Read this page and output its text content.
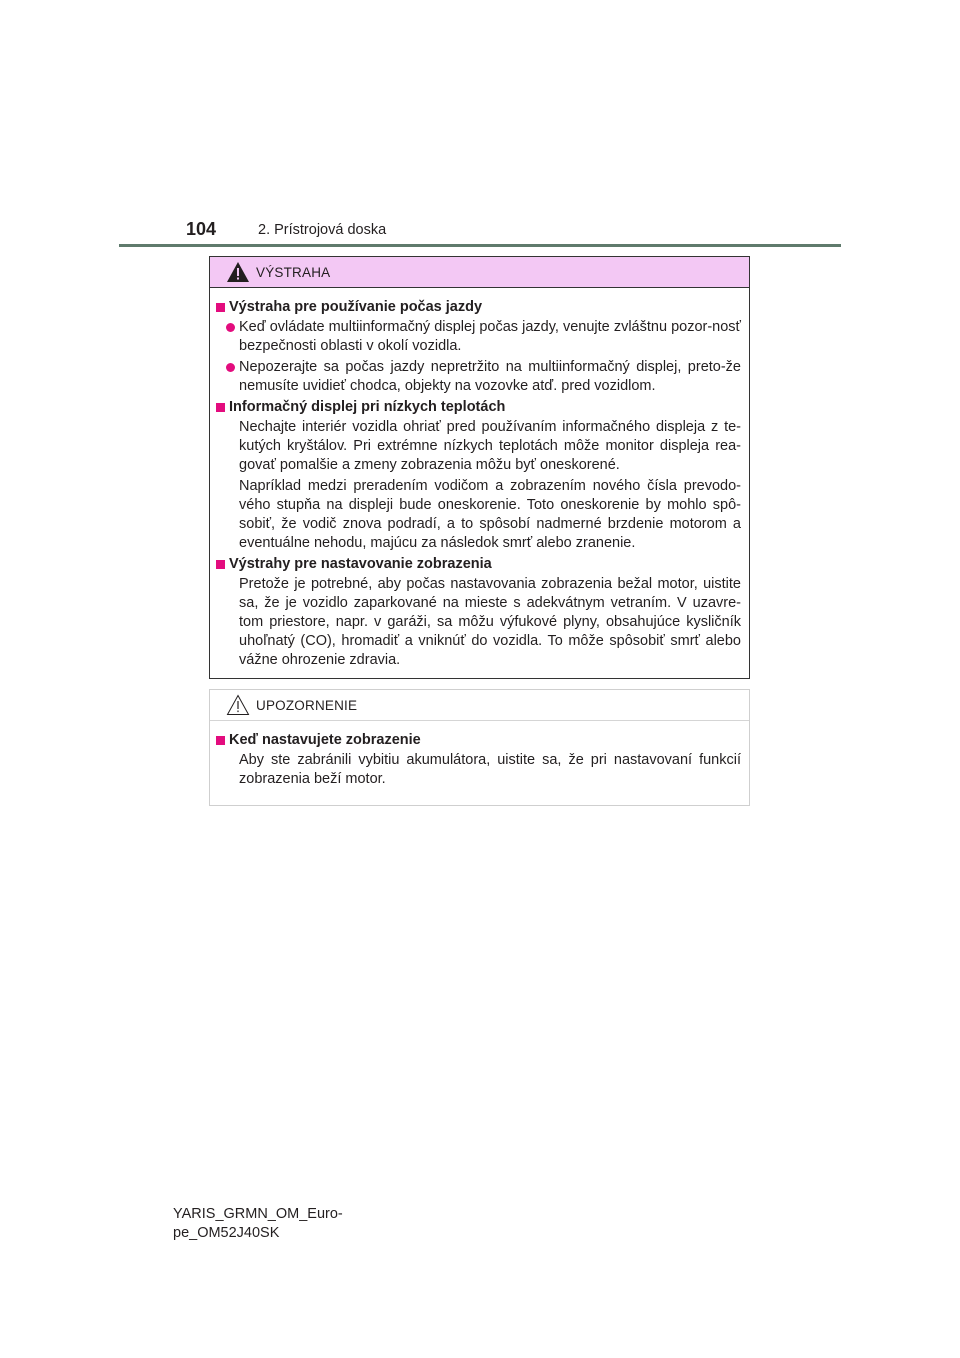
104	2. Prístrojová doska
VÝSTRAHA
Výstraha pre používanie počas jazdy
Keď ovládate multiinformačný displej počas jazdy, venujte zvláštnu pozor-nosť bezpečnosti oblasti v okolí vozidla.
Nepozerajte sa počas jazdy nepretržito na multiinformačný displej, preto-že nemusíte uvidieť chodca, objekty na vozovke atď. pred vozidlom.
Informačný displej pri nízkych teplotách
Nechajte interiér vozidla ohriať pred používaním informačného displeja z te-kutých kryštálov. Pri extrémne nízkych teplotách môže monitor displeja rea-govať pomalšie a zmeny zobrazenia môžu byť oneskorené.
Napríklad medzi preradením vodičom a zobrazením nového čísla prevodo-vého stupňa na displeji bude oneskorenie. Toto oneskorenie by mohlo spô-sobiť, že vodič znova podradí, a to spôsobí nadmerné brzdenie motorom a eventuálne nehodu, majúcu za následok smrť alebo zranenie.
Výstrahy pre nastavovanie zobrazenia
Pretože je potrebné, aby počas nastavovania zobrazenia bežal motor, uistite sa, že je vozidlo zaparkované na mieste s adekvátnym vetraním. V uzavre-tom priestore, napr. v garáži, sa môžu výfukové plyny, obsahujúce kysličník uhoľnatý (CO), hromadiť a vniknúť do vozidla. To môže spôsobiť smrť alebo vážne ohrozenie zdravia.
UPOZORNENIE
Keď nastavujete zobrazenie
Aby ste zabránili vybitiu akumulátora, uistite sa, že pri nastavovaní funkcií zobrazenia beží motor.
YARIS_GRMN_OM_Euro-
pe_OM52J40SK
